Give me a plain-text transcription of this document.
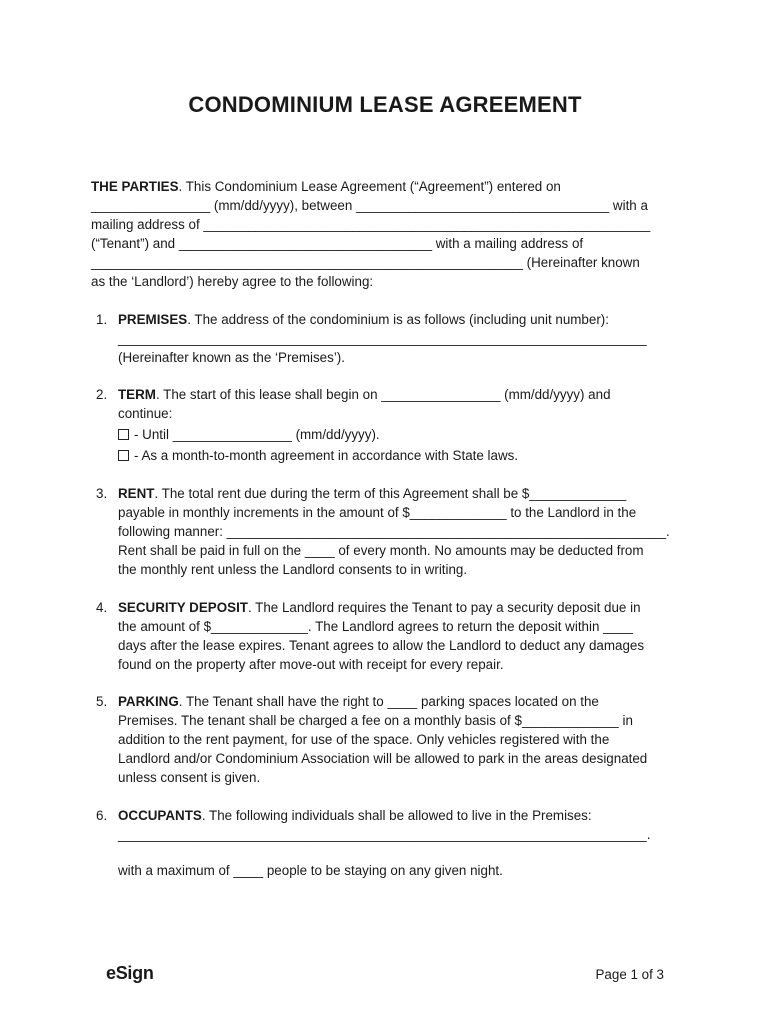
CONDOMINIUM LEASE AGREEMENT
THE PARTIES. This Condominium Lease Agreement (“Agreement”) entered on
________________ (mm/dd/yyyy), between __________________________________ with a
mailing address of ____________________________________________________________
(“Tenant”) and __________________________________ with a mailing address of
__________________________________________________________ (Hereinafter known
as the ‘Landlord’) hereby agree to the following:
1. PREMISES. The address of the condominium is as follows (including unit number):
_______________________________________________________________________
(Hereinafter known as the ‘Premises’).
2. TERM. The start of this lease shall begin on ________________ (mm/dd/yyyy) and
continue:
- Until ________________ (mm/dd/yyyy).
- As a month-to-month agreement in accordance with State laws.
3. RENT. The total rent due during the term of this Agreement shall be $_____________
payable in monthly increments in the amount of $_____________ to the Landlord in the
following manner: ___________________________________________________________.
Rent shall be paid in full on the ____ of every month. No amounts may be deducted from
the monthly rent unless the Landlord consents to in writing.
4. SECURITY DEPOSIT. The Landlord requires the Tenant to pay a security deposit due in
the amount of $_____________. The Landlord agrees to return the deposit within ____
days after the lease expires. Tenant agrees to allow the Landlord to deduct any damages
found on the property after move-out with receipt for every repair.
5. PARKING. The Tenant shall have the right to ____ parking spaces located on the
Premises. The tenant shall be charged a fee on a monthly basis of $_____________ in
addition to the rent payment, for use of the space. Only vehicles registered with the
Landlord and/or Condominium Association will be allowed to park in the areas designated
unless consent is given.
6. OCCUPANTS. The following individuals shall be allowed to live in the Premises:
_______________________________________________________________________.
with a maximum of ____ people to be staying on any given night.
eSign	Page 1 of 3
